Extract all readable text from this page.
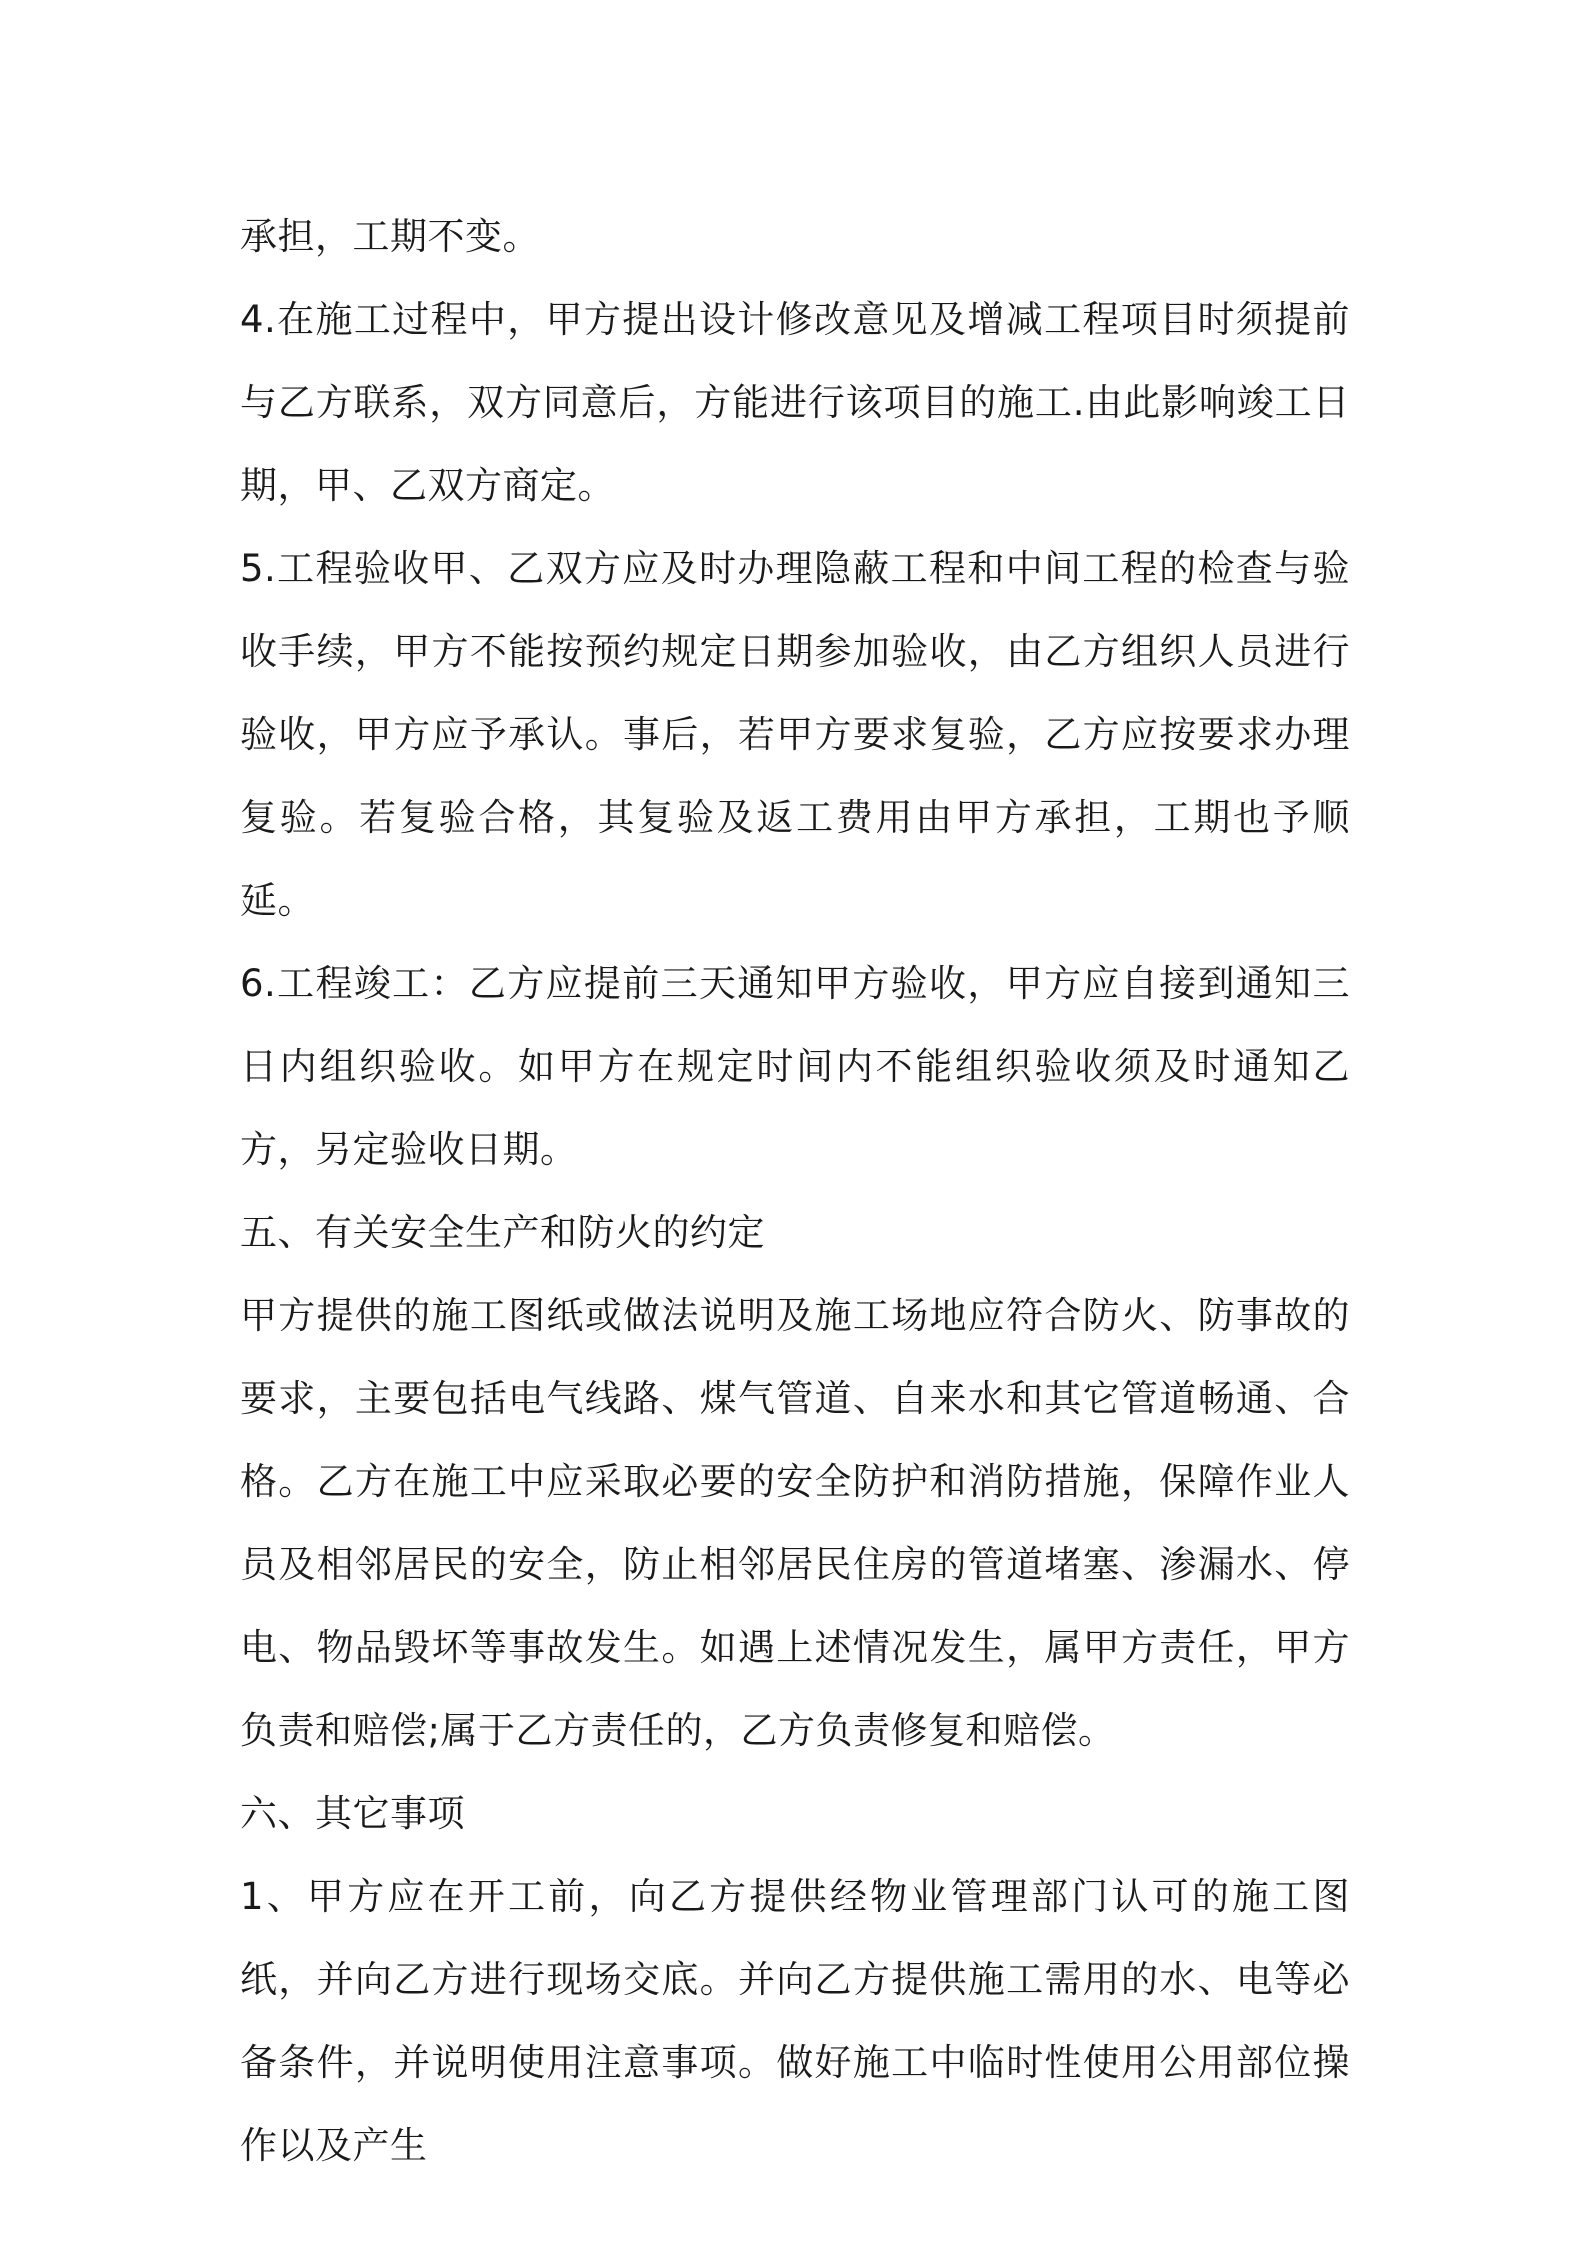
承担，工期不变。

4.在施工过程中，甲方提出设计修改意见及增减工程项目时须提前与乙方联系，双方同意后，方能进行该项目的施工.由此影响竣工日期，甲、乙双方商定。

5.工程验收甲、乙双方应及时办理隐蔽工程和中间工程的检查与验收手续，甲方不能按预约规定日期参加验收，由乙方组织人员进行验收，甲方应予承认。事后，若甲方要求复验，乙方应按要求办理复验。若复验合格，其复验及返工费用由甲方承担，工期也予顺延。

6.工程竣工：乙方应提前三天通知甲方验收，甲方应自接到通知三日内组织验收。如甲方在规定时间内不能组织验收须及时通知乙方，另定验收日期。

五、有关安全生产和防火的约定

甲方提供的施工图纸或做法说明及施工场地应符合防火、防事故的要求，主要包括电气线路、煤气管道、自来水和其它管道畅通、合格。乙方在施工中应采取必要的安全防护和消防措施，保障作业人员及相邻居民的安全，防止相邻居民住房的管道堵塞、渗漏水、停电、物品毁坏等事故发生。如遇上述情况发生，属甲方责任，甲方负责和赔偿;属于乙方责任的，乙方负责修复和赔偿。

六、其它事项

1、甲方应在开工前，向乙方提供经物业管理部门认可的施工图纸，并向乙方进行现场交底。并向乙方提供施工需用的水、电等必备条件，并说明使用注意事项。做好施工中临时性使用公用部位操作以及产生
